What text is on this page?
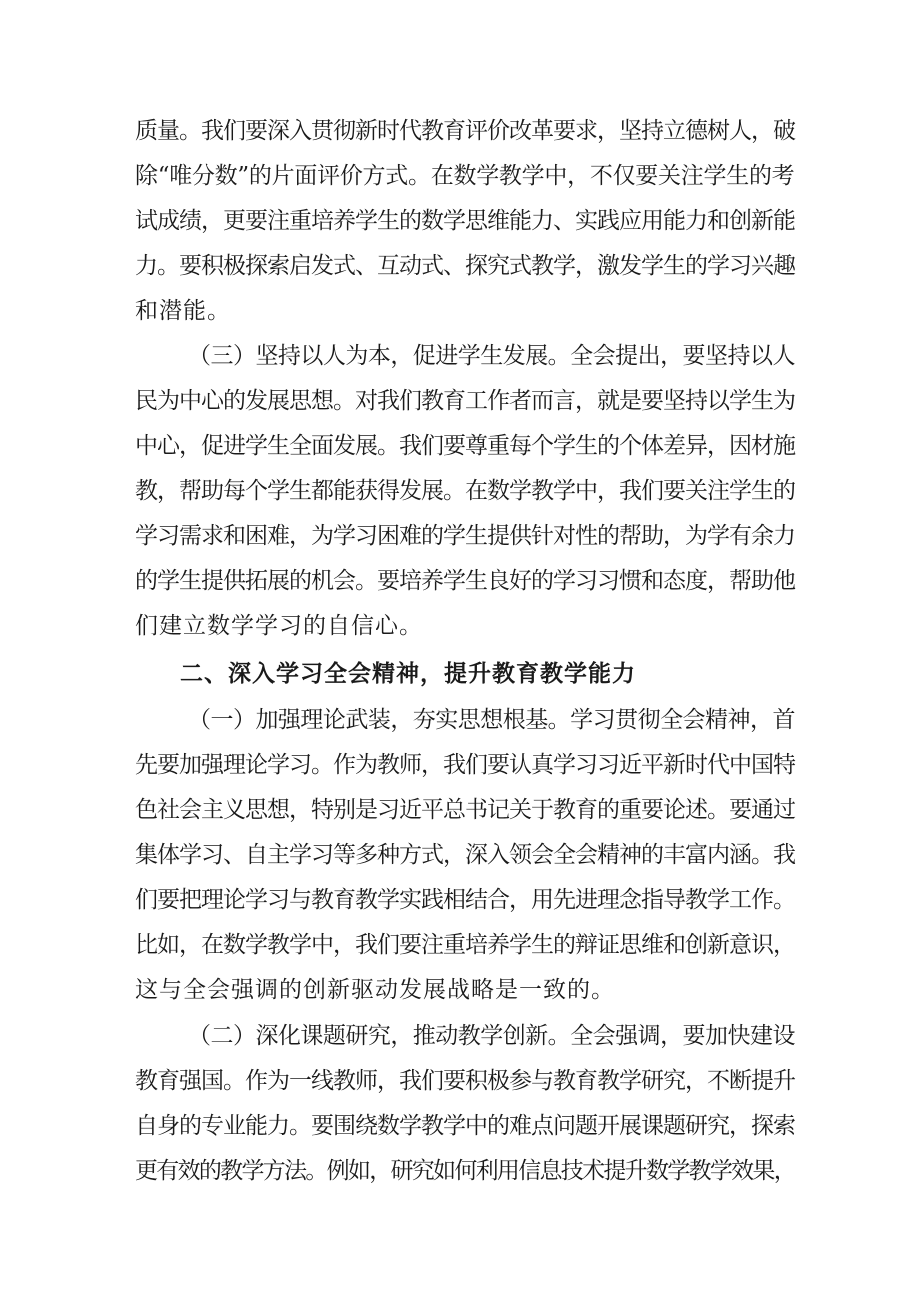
质量。我们要深入贯彻新时代教育评价改革要求，坚持立德树人，破

除“唯分数”的片面评价方式。在数学教学中，不仅要关注学生的考

试成绩，更要注重培养学生的数学思维能力、实践应用能力和创新能

力。要积极探索启发式、互动式、探究式教学，激发学生的学习兴趣

和潜能。

（三）坚持以人为本，促进学生发展。全会提出，要坚持以人

民为中心的发展思想。对我们教育工作者而言，就是要坚持以学生为

中心，促进学生全面发展。我们要尊重每个学生的个体差异，因材施

教，帮助每个学生都能获得发展。在数学教学中，我们要关注学生的

学习需求和困难，为学习困难的学生提供针对性的帮助，为学有余力

的学生提供拓展的机会。要培养学生良好的学习习惯和态度，帮助他

们建立数学学习的自信心。

二、深入学习全会精神，提升教育教学能力

（一）加强理论武装，夯实思想根基。学习贯彻全会精神，首

先要加强理论学习。作为教师，我们要认真学习习近平新时代中国特

色社会主义思想，特别是习近平总书记关于教育的重要论述。要通过

集体学习、自主学习等多种方式，深入领会全会精神的丰富内涵。我

们要把理论学习与教育教学实践相结合，用先进理念指导教学工作。

比如，在数学教学中，我们要注重培养学生的辩证思维和创新意识，

这与全会强调的创新驱动发展战略是一致的。

（二）深化课题研究，推动教学创新。全会强调，要加快建设

教育强国。作为一线教师，我们要积极参与教育教学研究，不断提升

自身的专业能力。要围绕数学教学中的难点问题开展课题研究，探索

更有效的教学方法。例如，研究如何利用信息技术提升数学教学效果，
